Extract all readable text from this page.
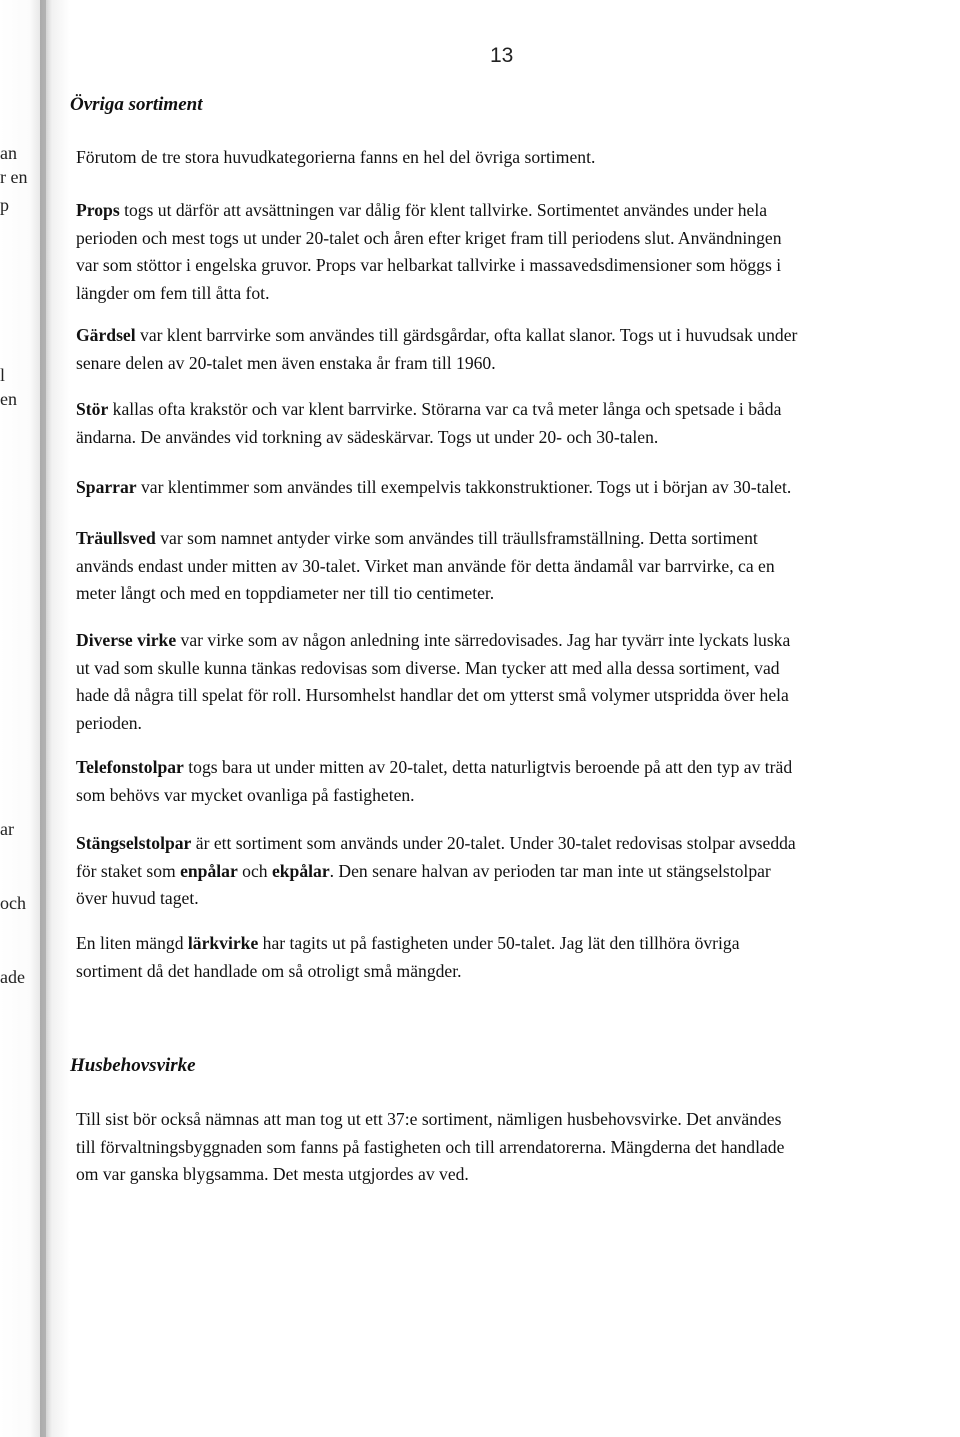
an
r en
p
l
en
ar
och
ade
13
Övriga sortiment

Förutom de tre stora huvudkategorierna fanns en hel del övriga sortiment.

Props togs ut därför att avsättningen var dålig för klent tallvirke. Sortimentet användes under hela
perioden och mest togs ut under 20-talet och åren efter kriget fram till periodens slut. Användningen
var som stöttor i engelska gruvor. Props var helbarkat tallvirke i massavedsdimensioner som höggs i
längder om fem till åtta fot.

Gärdsel var klent barrvirke som användes till gärdsgårdar, ofta kallat slanor. Togs ut i huvudsak under
senare delen av 20-talet men även enstaka år fram till 1960.

Stör kallas ofta krakstör och var klent barrvirke. Störarna var ca två meter långa och spetsade i båda
ändarna. De användes vid torkning av sädeskärvar. Togs ut under 20- och 30-talen.

Sparrar var klentimmer som användes till exempelvis takkonstruktioner. Togs ut i början av 30-talet.

Träullsved var som namnet antyder virke som användes till träullsframställning. Detta sortiment
används endast under mitten av 30-talet. Virket man använde för detta ändamål var barrvirke, ca en
meter långt och med en toppdiameter ner till tio centimeter.

Diverse virke var virke som av någon anledning inte särredovisades. Jag har tyvärr inte lyckats luska
ut vad som skulle kunna tänkas redovisas som diverse. Man tycker att med alla dessa sortiment, vad
hade då några till spelat för roll. Hursomhelst handlar det om ytterst små volymer utspridda över hela
perioden.

Telefonstolpar togs bara ut under mitten av 20-talet, detta naturligtvis beroende på att den typ av träd
som behövs var mycket ovanliga på fastigheten.

Stängselstolpar är ett sortiment som används under 20-talet. Under 30-talet redovisas stolpar avsedda
för staket som enpålar och ekpålar. Den senare halvan av perioden tar man inte ut stängselstolpar
över huvud taget.

En liten mängd lärkvirke har tagits ut på fastigheten under 50-talet. Jag lät den tillhöra övriga
sortiment då det handlade om så otroligt små mängder.

Husbehovsvirke

Till sist bör också nämnas att man tog ut ett 37:e sortiment, nämligen husbehovsvirke. Det användes
till förvaltningsbyggnaden som fanns på fastigheten och till arrendatorerna. Mängderna det handlade
om var ganska blygsamma. Det mesta utgjordes av ved.
